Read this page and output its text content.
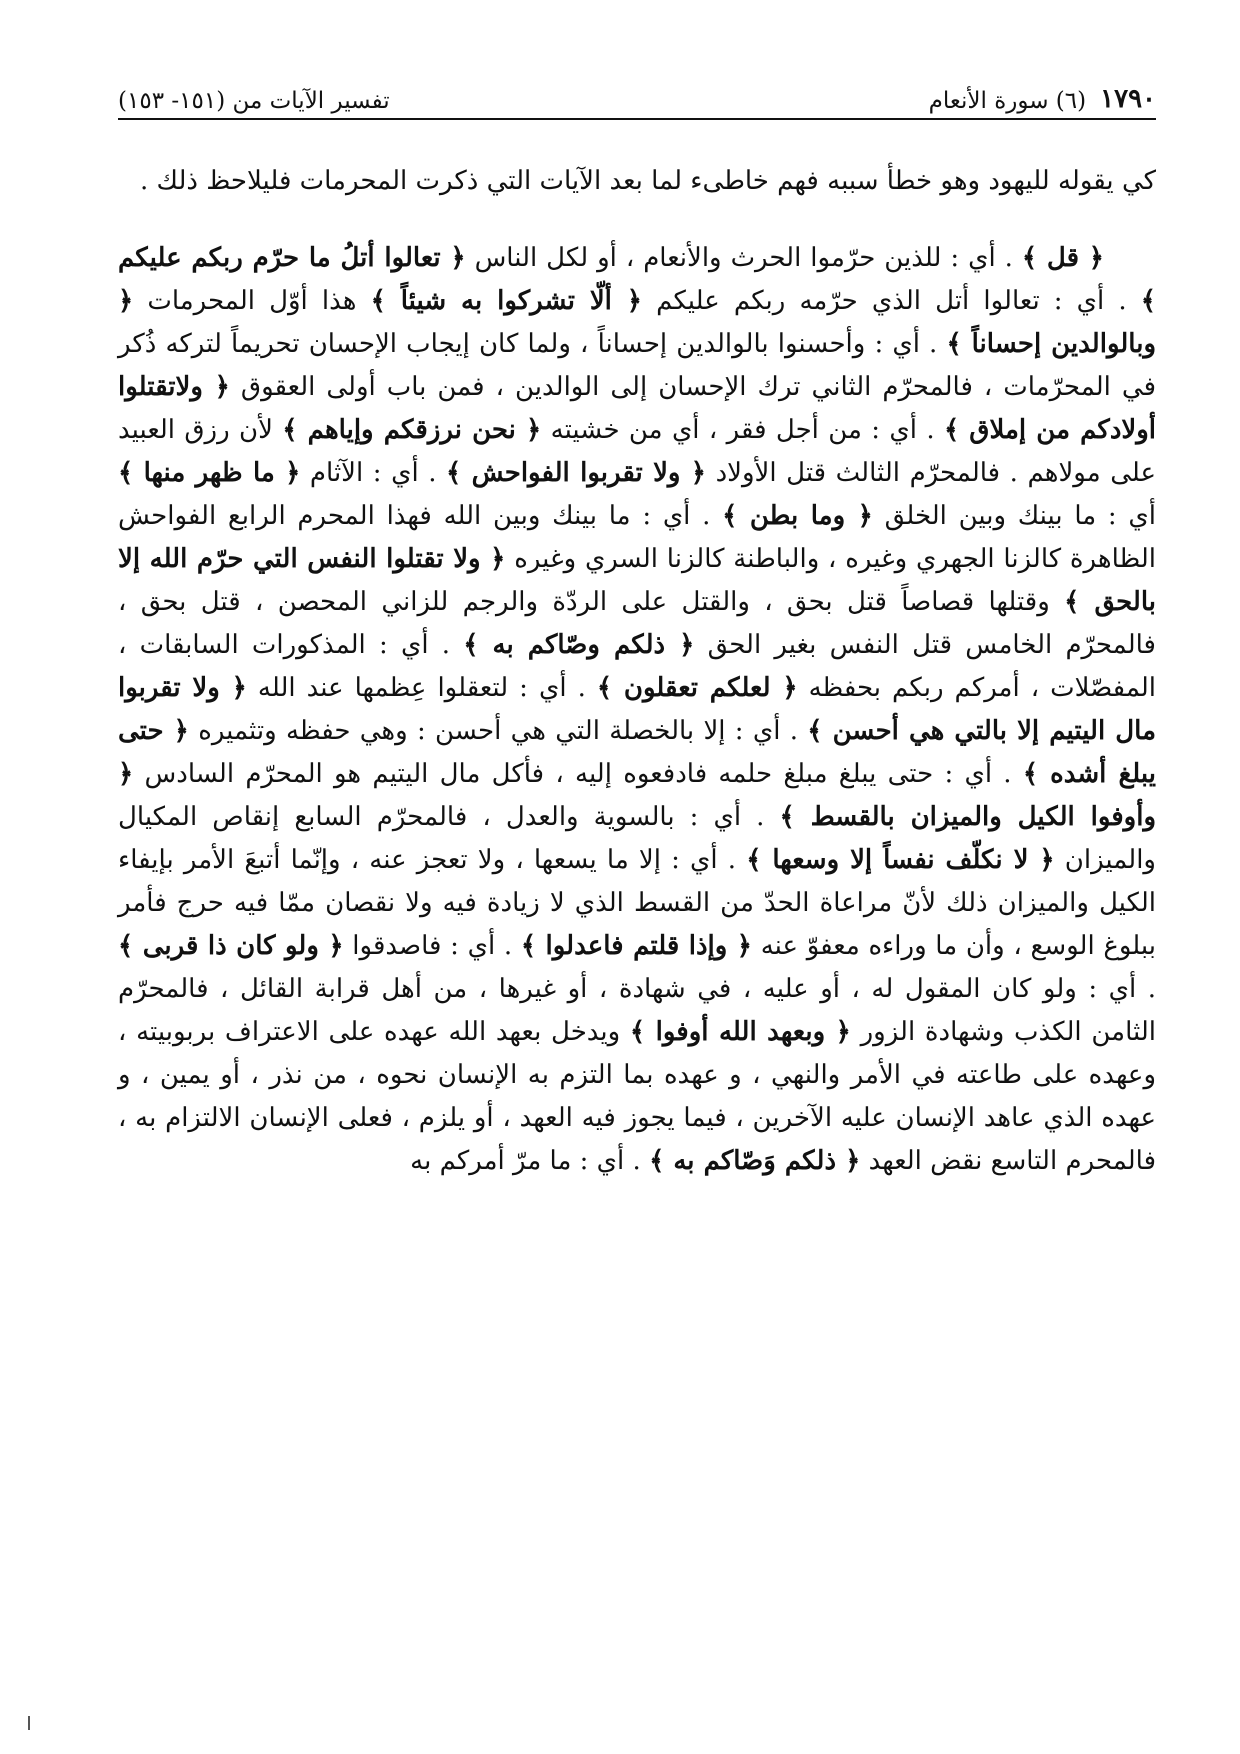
١٧٩٠
(٦) سورة الأنعام
تفسير الآيات من (١٥١- ١٥٣)

كي يقوله لليهود وهو خطأ سببه فهم خاطىء لما بعد الآيات التي ذكرت المحرمات فليلاحظ ذلك .

﴿ قل ﴾ . أي : للذين حرّموا الحرث والأنعام ، أو لكل الناس ﴿ تعالوا أتلُ ما حرّم ربكم عليكم ﴾ . أي : تعالوا أتل الذي حرّمه ربكم عليكم ﴿ ألّا تشركوا به شيئاً ﴾ هذا أوّل المحرمات ﴿ وبالوالدين إحساناً ﴾ . أي : وأحسنوا بالوالدين إحساناً ، ولما كان إيجاب الإحسان تحريماً لتركه ذُكر في المحرّمات ، فالمحرّم الثاني ترك الإحسان إلى الوالدين ، فمن باب أولى العقوق ﴿ ولاتقتلوا أولادكم من إملاق ﴾ . أي : من أجل فقر ، أي من خشيته ﴿ نحن نرزقكم وإياهم ﴾ لأن رزق العبيد على مولاهم . فالمحرّم الثالث قتل الأولاد ﴿ ولا تقربوا الفواحش ﴾ . أي : الآثام ﴿ ما ظهر منها ﴾ أي : ما بينك وبين الخلق ﴿ وما بطن ﴾ . أي : ما بينك وبين الله فهذا المحرم الرابع الفواحش الظاهرة كالزنا الجهري وغيره ، والباطنة كالزنا السري وغيره ﴿ ولا تقتلوا النفس التي حرّم الله إلا بالحق ﴾ وقتلها قصاصاً قتل بحق ، والقتل على الردّة والرجم للزاني المحصن ، قتل بحق ، فالمحرّم الخامس قتل النفس بغير الحق ﴿ ذلكم وصّاكم به ﴾ . أي : المذكورات السابقات ، المفصّلات ، أمركم ربكم بحفظه ﴿ لعلكم تعقلون ﴾ . أي : لتعقلوا عِظمها عند الله ﴿ ولا تقربوا مال اليتيم إلا بالتي هي أحسن ﴾ . أي : إلا بالخصلة التي هي أحسن : وهي حفظه وتثميره ﴿ حتى يبلغ أشده ﴾ . أي : حتى يبلغ مبلغ حلمه فادفعوه إليه ، فأكل مال اليتيم هو المحرّم السادس ﴿ وأوفوا الكيل والميزان بالقسط ﴾ . أي : بالسوية والعدل ، فالمحرّم السابع إنقاص المكيال والميزان ﴿ لا نكلّف نفساً إلا وسعها ﴾ . أي : إلا ما يسعها ، ولا تعجز عنه ، وإنّما أتبعَ الأمر بإيفاء الكيل والميزان ذلك لأنّ مراعاة الحدّ من القسط الذي لا زيادة فيه ولا نقصان ممّا فيه حرج فأمر ببلوغ الوسع ، وأن ما وراءه معفوّ عنه ﴿ وإذا قلتم فاعدلوا ﴾ . أي : فاصدقوا ﴿ ولو كان ذا قربى ﴾ . أي : ولو كان المقول له ، أو عليه ، في شهادة ، أو غيرها ، من أهل قرابة القائل ، فالمحرّم الثامن الكذب وشهادة الزور ﴿ وبعهد الله أوفوا ﴾ ويدخل بعهد الله عهده على الاعتراف بربوبيته ، وعهده على طاعته في الأمر والنهي ، و عهده بما التزم به الإنسان نحوه ، من نذر ، أو يمين ، و عهده الذي عاهد الإنسان عليه الآخرين ، فيما يجوز فيه العهد ، أو يلزم ، فعلى الإنسان الالتزام به ، فالمحرم التاسع نقض العهد ﴿ ذلكم وَصّاكم به ﴾ . أي : ما مرّ أمركم به
